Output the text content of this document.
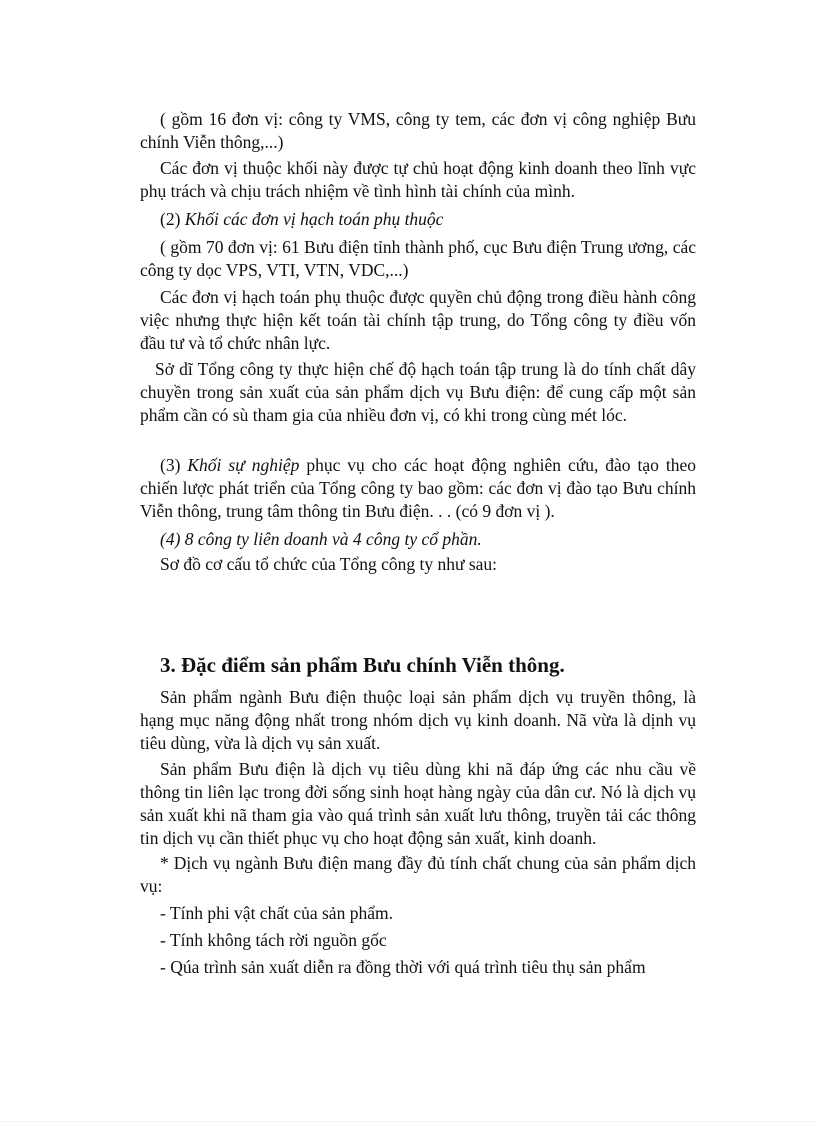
( gồm 16 đơn vị: công ty VMS, công ty tem, các đơn vị công nghiệp Bưu chính Viễn thông,...)

Các đơn vị thuộc khối này được tự chủ hoạt động kinh doanh theo lĩnh vực phụ trách và chịu trách nhiệm về tình hình tài chính của mình.

(2) Khối các đơn vị hạch toán phụ thuộc

( gồm 70 đơn vị: 61 Bưu điện tỉnh thành phố, cục Bưu điện Trung ương, các công ty dọc VPS, VTI, VTN, VDC,...)

Các đơn vị hạch toán phụ thuộc được quyền chủ động trong điều hành công việc nhưng thực hiện kết toán tài chính tập trung, do Tổng công ty điều vốn đầu tư và tổ chức nhân lực.

Sở dĩ Tổng công ty thực hiện chế độ hạch toán tập trung là do tính chất dây chuyền trong sản xuất của sản phẩm dịch vụ Bưu điện: để cung cấp một sản phẩm cần có sù tham gia của nhiều đơn vị, có khi trong cùng mét lóc.

(3) Khối sự nghiệp phục vụ cho các hoạt động nghiên cứu, đào tạo theo chiến lược phát triển của Tổng công ty bao gồm: các đơn vị đào tạo Bưu chính Viễn thông, trung tâm thông tin Bưu điện. . . (có 9 đơn vị ).

(4) 8 công ty liên doanh và 4 công ty cổ phần.

Sơ đồ cơ cấu tổ chức của Tổng công ty như sau:

3. Đặc điểm sản phẩm Bưu chính Viễn thông.

Sản phẩm ngành Bưu điện thuộc loại sản phẩm dịch vụ truyền thông, là hạng mục năng động nhất trong nhóm dịch vụ kinh doanh. Nã vừa là dịnh vụ tiêu dùng, vừa là dịch vụ sản xuất.

Sản phẩm Bưu điện là dịch vụ tiêu dùng khi nã đáp ứng các nhu cầu về thông tin liên lạc trong đời sống sinh hoạt hàng ngày của dân cư. Nó là dịch vụ sản xuất khi nã tham gia vào quá trình sản xuất lưu thông, truyền tải các thông tin dịch vụ cần thiết phục vụ cho hoạt động sản xuất, kinh doanh.

* Dịch vụ ngành Bưu điện mang đầy đủ tính chất chung của sản phẩm dịch vụ:

- Tính phi vật chất của sản phẩm.

- Tính không tách rời nguồn gốc

- Qúa trình sản xuất diễn ra đồng thời với quá trình tiêu thụ sản phẩm
